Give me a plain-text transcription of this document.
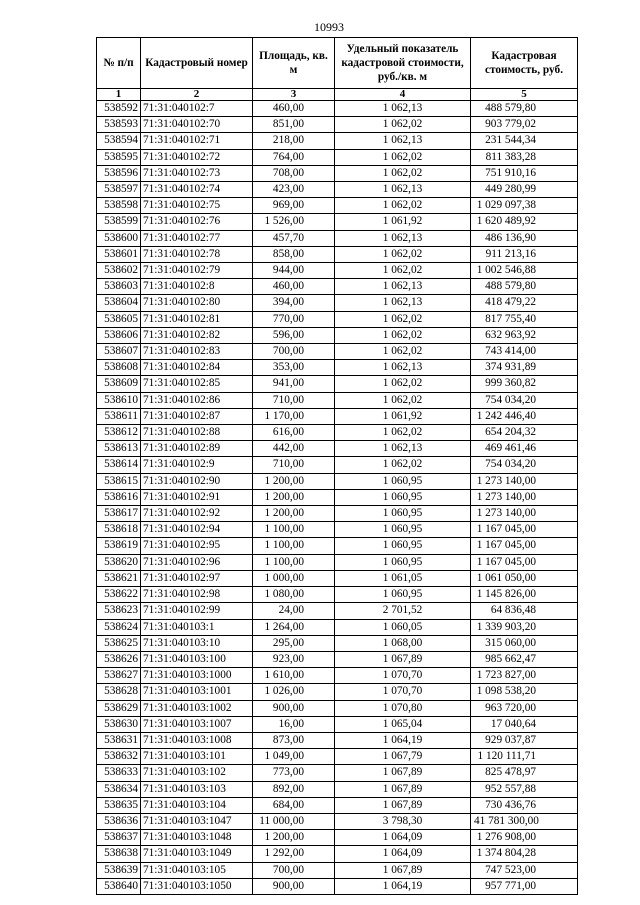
10993
№ п/п	Кадастровый номер	Площадь, кв. м	Удельный показатель кадастровой стоимости, руб./кв. м	Кадастровая стоимость, руб.
1	2	3	4	5
538592	71:31:040102:7	460,00	1 062,13	488 579,80
538593	71:31:040102:70	851,00	1 062,02	903 779,02
538594	71:31:040102:71	218,00	1 062,13	231 544,34
538595	71:31:040102:72	764,00	1 062,02	811 383,28
538596	71:31:040102:73	708,00	1 062,02	751 910,16
538597	71:31:040102:74	423,00	1 062,13	449 280,99
538598	71:31:040102:75	969,00	1 062,02	1 029 097,38
538599	71:31:040102:76	1 526,00	1 061,92	1 620 489,92
538600	71:31:040102:77	457,70	1 062,13	486 136,90
538601	71:31:040102:78	858,00	1 062,02	911 213,16
538602	71:31:040102:79	944,00	1 062,02	1 002 546,88
538603	71:31:040102:8	460,00	1 062,13	488 579,80
538604	71:31:040102:80	394,00	1 062,13	418 479,22
538605	71:31:040102:81	770,00	1 062,02	817 755,40
538606	71:31:040102:82	596,00	1 062,02	632 963,92
538607	71:31:040102:83	700,00	1 062,02	743 414,00
538608	71:31:040102:84	353,00	1 062,13	374 931,89
538609	71:31:040102:85	941,00	1 062,02	999 360,82
538610	71:31:040102:86	710,00	1 062,02	754 034,20
538611	71:31:040102:87	1 170,00	1 061,92	1 242 446,40
538612	71:31:040102:88	616,00	1 062,02	654 204,32
538613	71:31:040102:89	442,00	1 062,13	469 461,46
538614	71:31:040102:9	710,00	1 062,02	754 034,20
538615	71:31:040102:90	1 200,00	1 060,95	1 273 140,00
538616	71:31:040102:91	1 200,00	1 060,95	1 273 140,00
538617	71:31:040102:92	1 200,00	1 060,95	1 273 140,00
538618	71:31:040102:94	1 100,00	1 060,95	1 167 045,00
538619	71:31:040102:95	1 100,00	1 060,95	1 167 045,00
538620	71:31:040102:96	1 100,00	1 060,95	1 167 045,00
538621	71:31:040102:97	1 000,00	1 061,05	1 061 050,00
538622	71:31:040102:98	1 080,00	1 060,95	1 145 826,00
538623	71:31:040102:99	24,00	2 701,52	64 836,48
538624	71:31:040103:1	1 264,00	1 060,05	1 339 903,20
538625	71:31:040103:10	295,00	1 068,00	315 060,00
538626	71:31:040103:100	923,00	1 067,89	985 662,47
538627	71:31:040103:1000	1 610,00	1 070,70	1 723 827,00
538628	71:31:040103:1001	1 026,00	1 070,70	1 098 538,20
538629	71:31:040103:1002	900,00	1 070,80	963 720,00
538630	71:31:040103:1007	16,00	1 065,04	17 040,64
538631	71:31:040103:1008	873,00	1 064,19	929 037,87
538632	71:31:040103:101	1 049,00	1 067,79	1 120 111,71
538633	71:31:040103:102	773,00	1 067,89	825 478,97
538634	71:31:040103:103	892,00	1 067,89	952 557,88
538635	71:31:040103:104	684,00	1 067,89	730 436,76
538636	71:31:040103:1047	11 000,00	3 798,30	41 781 300,00
538637	71:31:040103:1048	1 200,00	1 064,09	1 276 908,00
538638	71:31:040103:1049	1 292,00	1 064,09	1 374 804,28
538639	71:31:040103:105	700,00	1 067,89	747 523,00
538640	71:31:040103:1050	900,00	1 064,19	957 771,00
